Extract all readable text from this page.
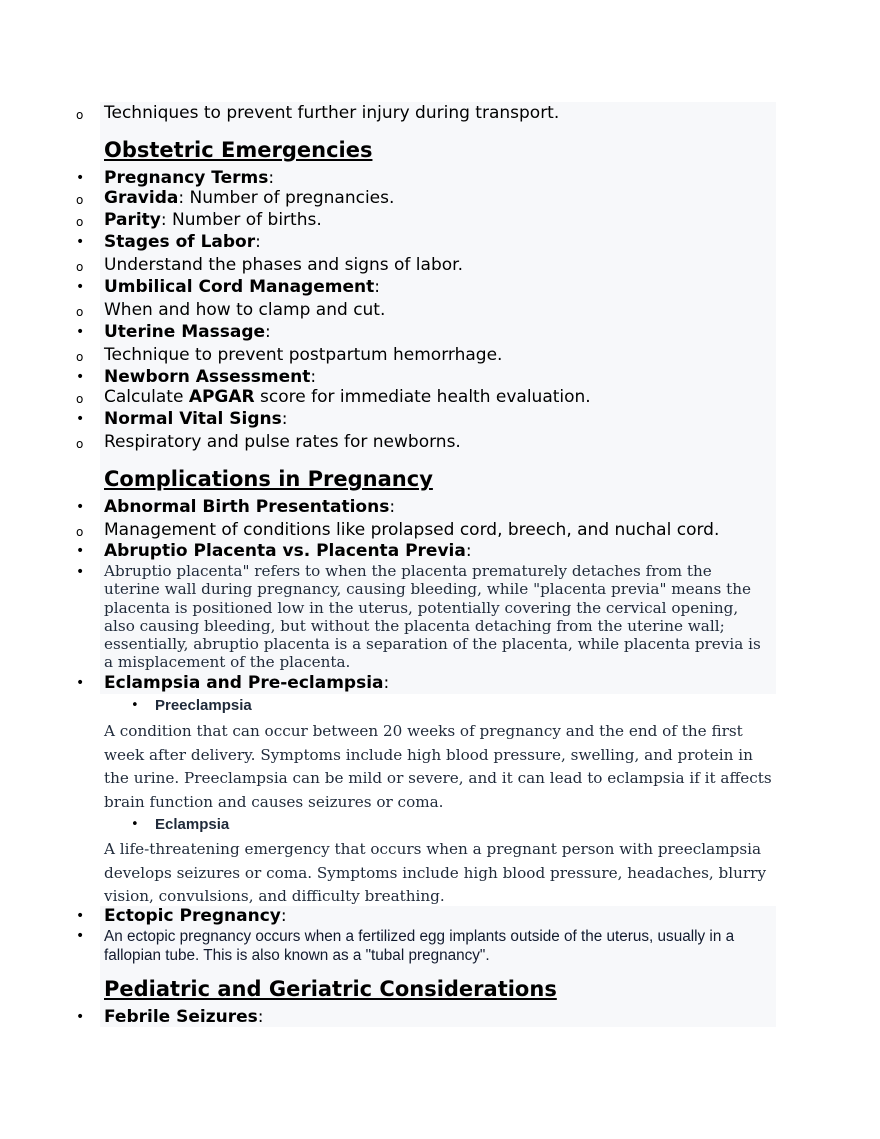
o Techniques to prevent further injury during transport.
Obstetric Emergencies
• Pregnancy Terms:
o Gravida: Number of pregnancies.
o Parity: Number of births.
• Stages of Labor:
o Understand the phases and signs of labor.
• Umbilical Cord Management:
o When and how to clamp and cut.
• Uterine Massage:
o Technique to prevent postpartum hemorrhage.
• Newborn Assessment:
o Calculate APGAR score for immediate health evaluation.
• Normal Vital Signs:
o Respiratory and pulse rates for newborns.
Complications in Pregnancy
• Abnormal Birth Presentations:
o Management of conditions like prolapsed cord, breech, and nuchal cord.
• Abruptio Placenta vs. Placenta Previa:
• Abruptio placenta" refers to when the placenta prematurely detaches from the uterine wall during pregnancy, causing bleeding, while "placenta previa" means the placenta is positioned low in the uterus, potentially covering the cervical opening, also causing bleeding, but without the placenta detaching from the uterine wall; essentially, abruptio placenta is a separation of the placenta, while placenta previa is a misplacement of the placenta.
• Eclampsia and Pre-eclampsia:
• Preeclampsia
A condition that can occur between 20 weeks of pregnancy and the end of the first week after delivery. Symptoms include high blood pressure, swelling, and protein in the urine. Preeclampsia can be mild or severe, and it can lead to eclampsia if it affects brain function and causes seizures or coma.
• Eclampsia
A life-threatening emergency that occurs when a pregnant person with preeclampsia develops seizures or coma. Symptoms include high blood pressure, headaches, blurry vision, convulsions, and difficulty breathing.
• Ectopic Pregnancy:
• An ectopic pregnancy occurs when a fertilized egg implants outside of the uterus, usually in a fallopian tube. This is also known as a "tubal pregnancy".
Pediatric and Geriatric Considerations
• Febrile Seizures:
